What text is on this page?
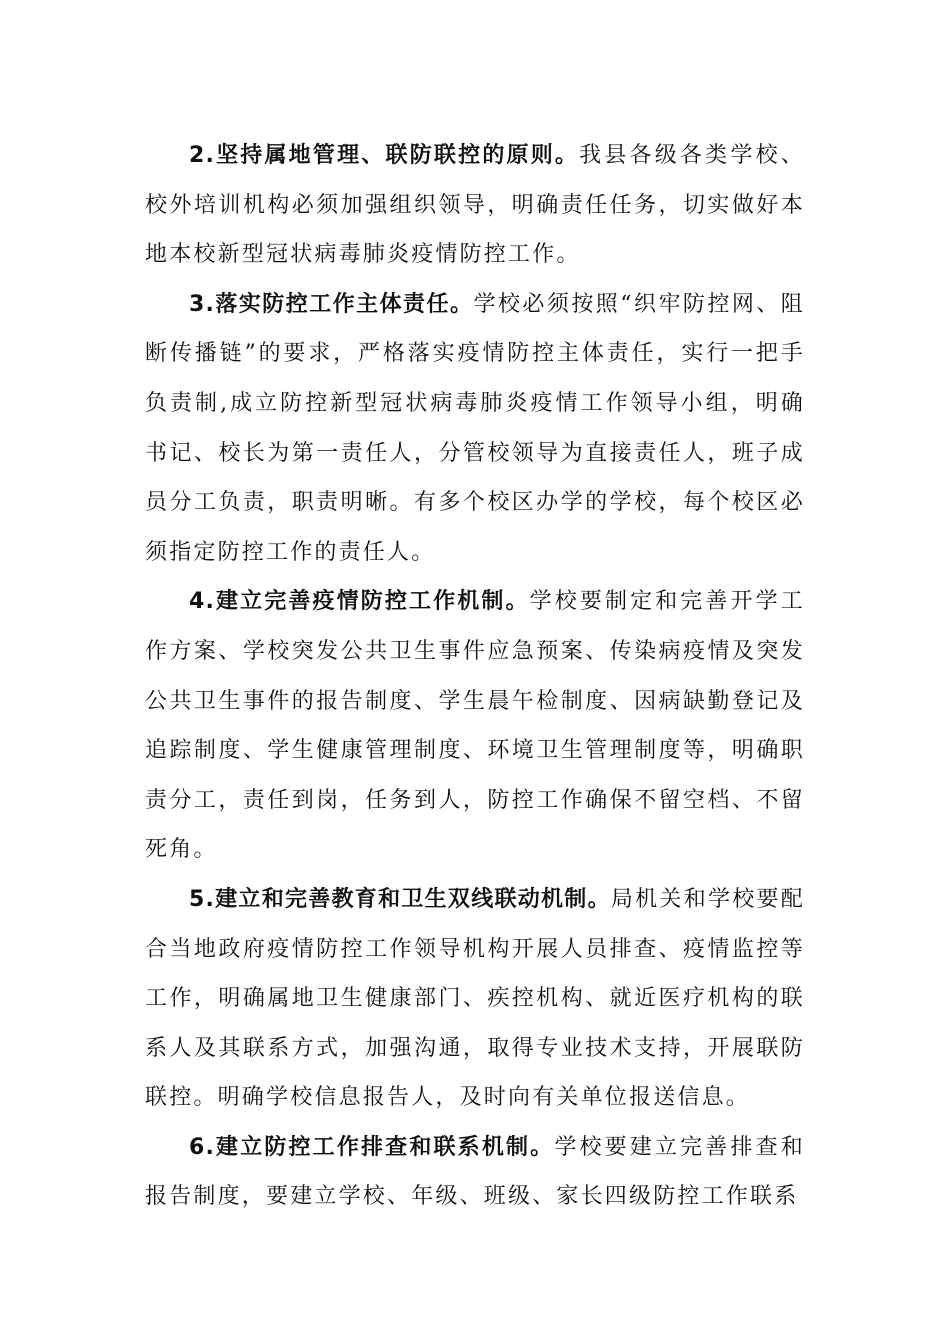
2.坚持属地管理、联防联控的原则。我县各级各类学校、校外培训机构必须加强组织领导，明确责任任务，切实做好本地本校新型冠状病毒肺炎疫情防控工作。

3.落实防控工作主体责任。学校必须按照“织牢防控网、阻断传播链”的要求，严格落实疫情防控主体责任，实行一把手负责制,成立防控新型冠状病毒肺炎疫情工作领导小组，明确书记、校长为第一责任人，分管校领导为直接责任人，班子成员分工负责，职责明晰。有多个校区办学的学校，每个校区必须指定防控工作的责任人。

4.建立完善疫情防控工作机制。学校要制定和完善开学工作方案、学校突发公共卫生事件应急预案、传染病疫情及突发公共卫生事件的报告制度、学生晨午检制度、因病缺勤登记及追踪制度、学生健康管理制度、环境卫生管理制度等，明确职责分工，责任到岗，任务到人，防控工作确保不留空档、不留死角。

5.建立和完善教育和卫生双线联动机制。局机关和学校要配合当地政府疫情防控工作领导机构开展人员排查、疫情监控等工作，明确属地卫生健康部门、疾控机构、就近医疗机构的联系人及其联系方式，加强沟通，取得专业技术支持，开展联防联控。明确学校信息报告人，及时向有关单位报送信息。

6.建立防控工作排查和联系机制。学校要建立完善排查和报告制度，要建立学校、年级、班级、家长四级防控工作联系
